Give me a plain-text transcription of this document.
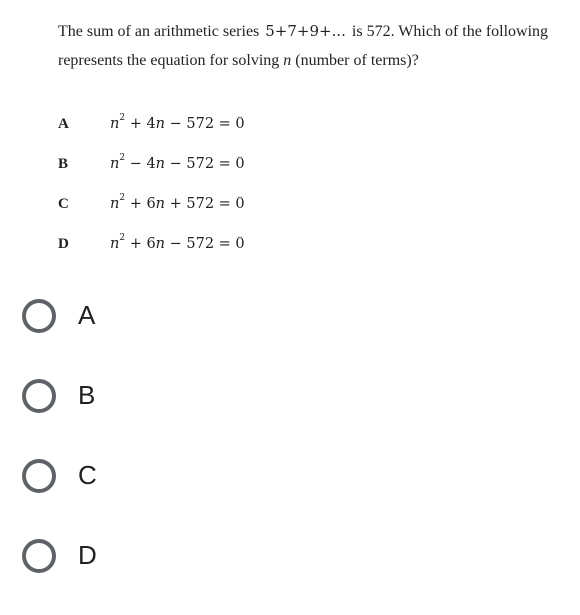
The sum of an arithmetic series 5+7+9+... is 572. Which of the following represents the equation for solving n (number of terms)?
A	$n^2 + 4n - 572 = 0$
B	$n^2 - 4n - 572 = 0$
C	$n^2 + 6n + 572 = 0$
D	$n^2 + 6n - 572 = 0$
A
B
C
D
